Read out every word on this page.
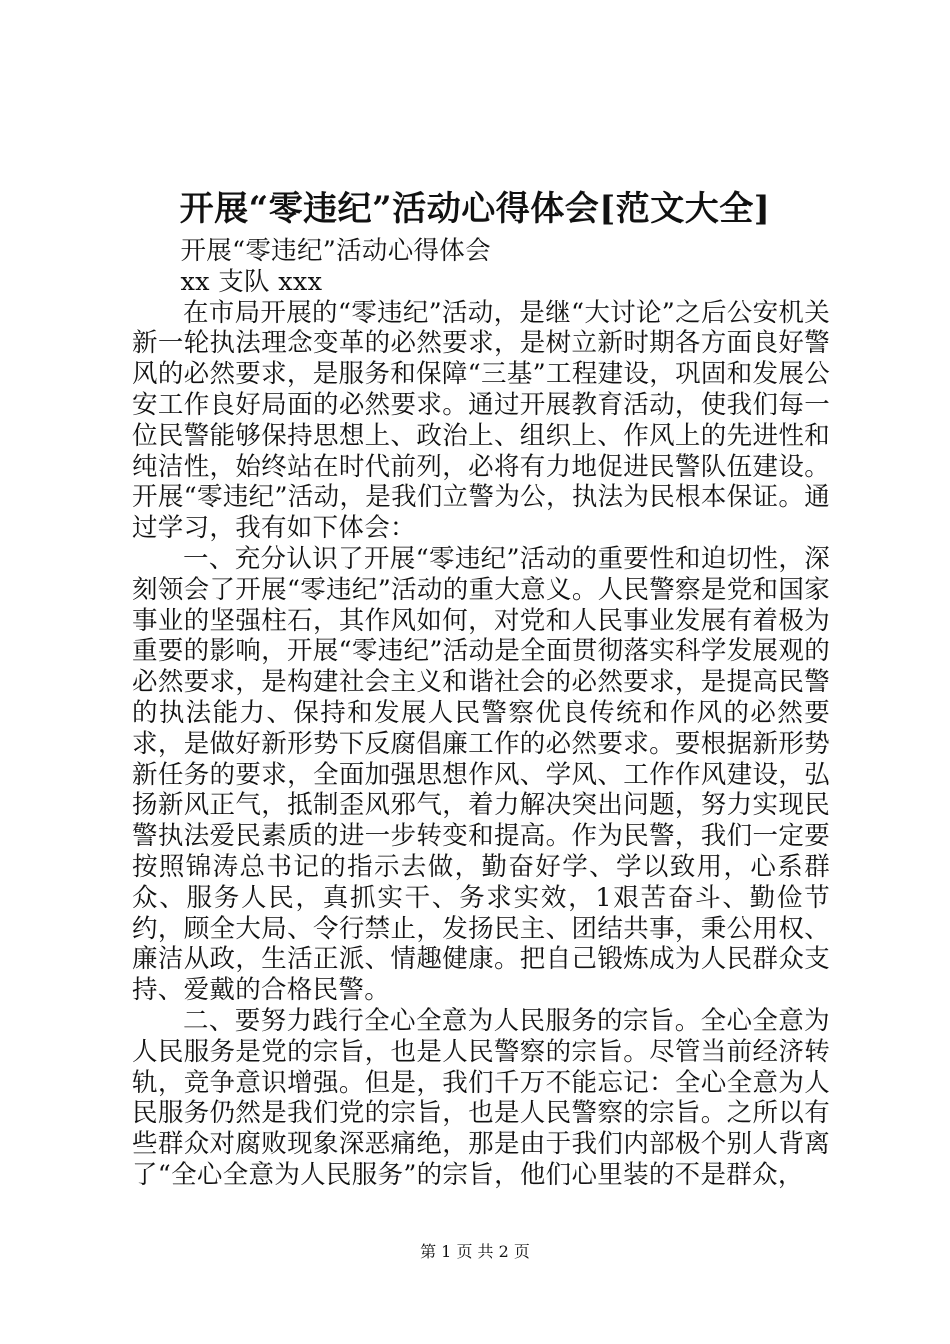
开展“零违纪”活动心得体会[范文大全]

开展“零违纪”活动心得体会

xx 支队 xxx

在市局开展的“零违纪”活动，是继“大讨论”之后公安机关新一轮执法理念变革的必然要求，是树立新时期各方面良好警风的必然要求，是服务和保障“三基”工程建设，巩固和发展公安工作良好局面的必然要求。通过开展教育活动，使我们每一位民警能够保持思想上、政治上、组织上、作风上的先进性和纯洁性，始终站在时代前列，必将有力地促进民警队伍建设。开展“零违纪”活动，是我们立警为公，执法为民根本保证。通过学习，我有如下体会：

一、充分认识了开展“零违纪”活动的重要性和迫切性，深刻领会了开展“零违纪”活动的重大意义。人民警察是党和国家事业的坚强柱石，其作风如何，对党和人民事业发展有着极为重要的影响，开展“零违纪”活动是全面贯彻落实科学发展观的必然要求，是构建社会主义和谐社会的必然要求，是提高民警的执法能力、保持和发展人民警察优良传统和作风的必然要求，是做好新形势下反腐倡廉工作的必然要求。要根据新形势新任务的要求，全面加强思想作风、学风、工作作风建设，弘扬新风正气，抵制歪风邪气，着力解决突出问题，努力实现民警执法爱民素质的进一步转变和提高。作为民警，我们一定要按照锦涛总书记的指示去做，勤奋好学、学以致用，心系群众、服务人民，真抓实干、务求实效，1艰苦奋斗、勤俭节约，顾全大局、令行禁止，发扬民主、团结共事，秉公用权、廉洁从政，生活正派、情趣健康。把自己锻炼成为人民群众支持、爱戴的合格民警。

二、要努力践行全心全意为人民服务的宗旨。全心全意为人民服务是党的宗旨，也是人民警察的宗旨。尽管当前经济转轨，竞争意识增强。但是，我们千万不能忘记：全心全意为人民服务仍然是我们党的宗旨，也是人民警察的宗旨。之所以有些群众对腐败现象深恶痛绝，那是由于我们内部极个别人背离了“全心全意为人民服务”的宗旨，他们心里装的不是群众，

第 1 页 共 2 页
